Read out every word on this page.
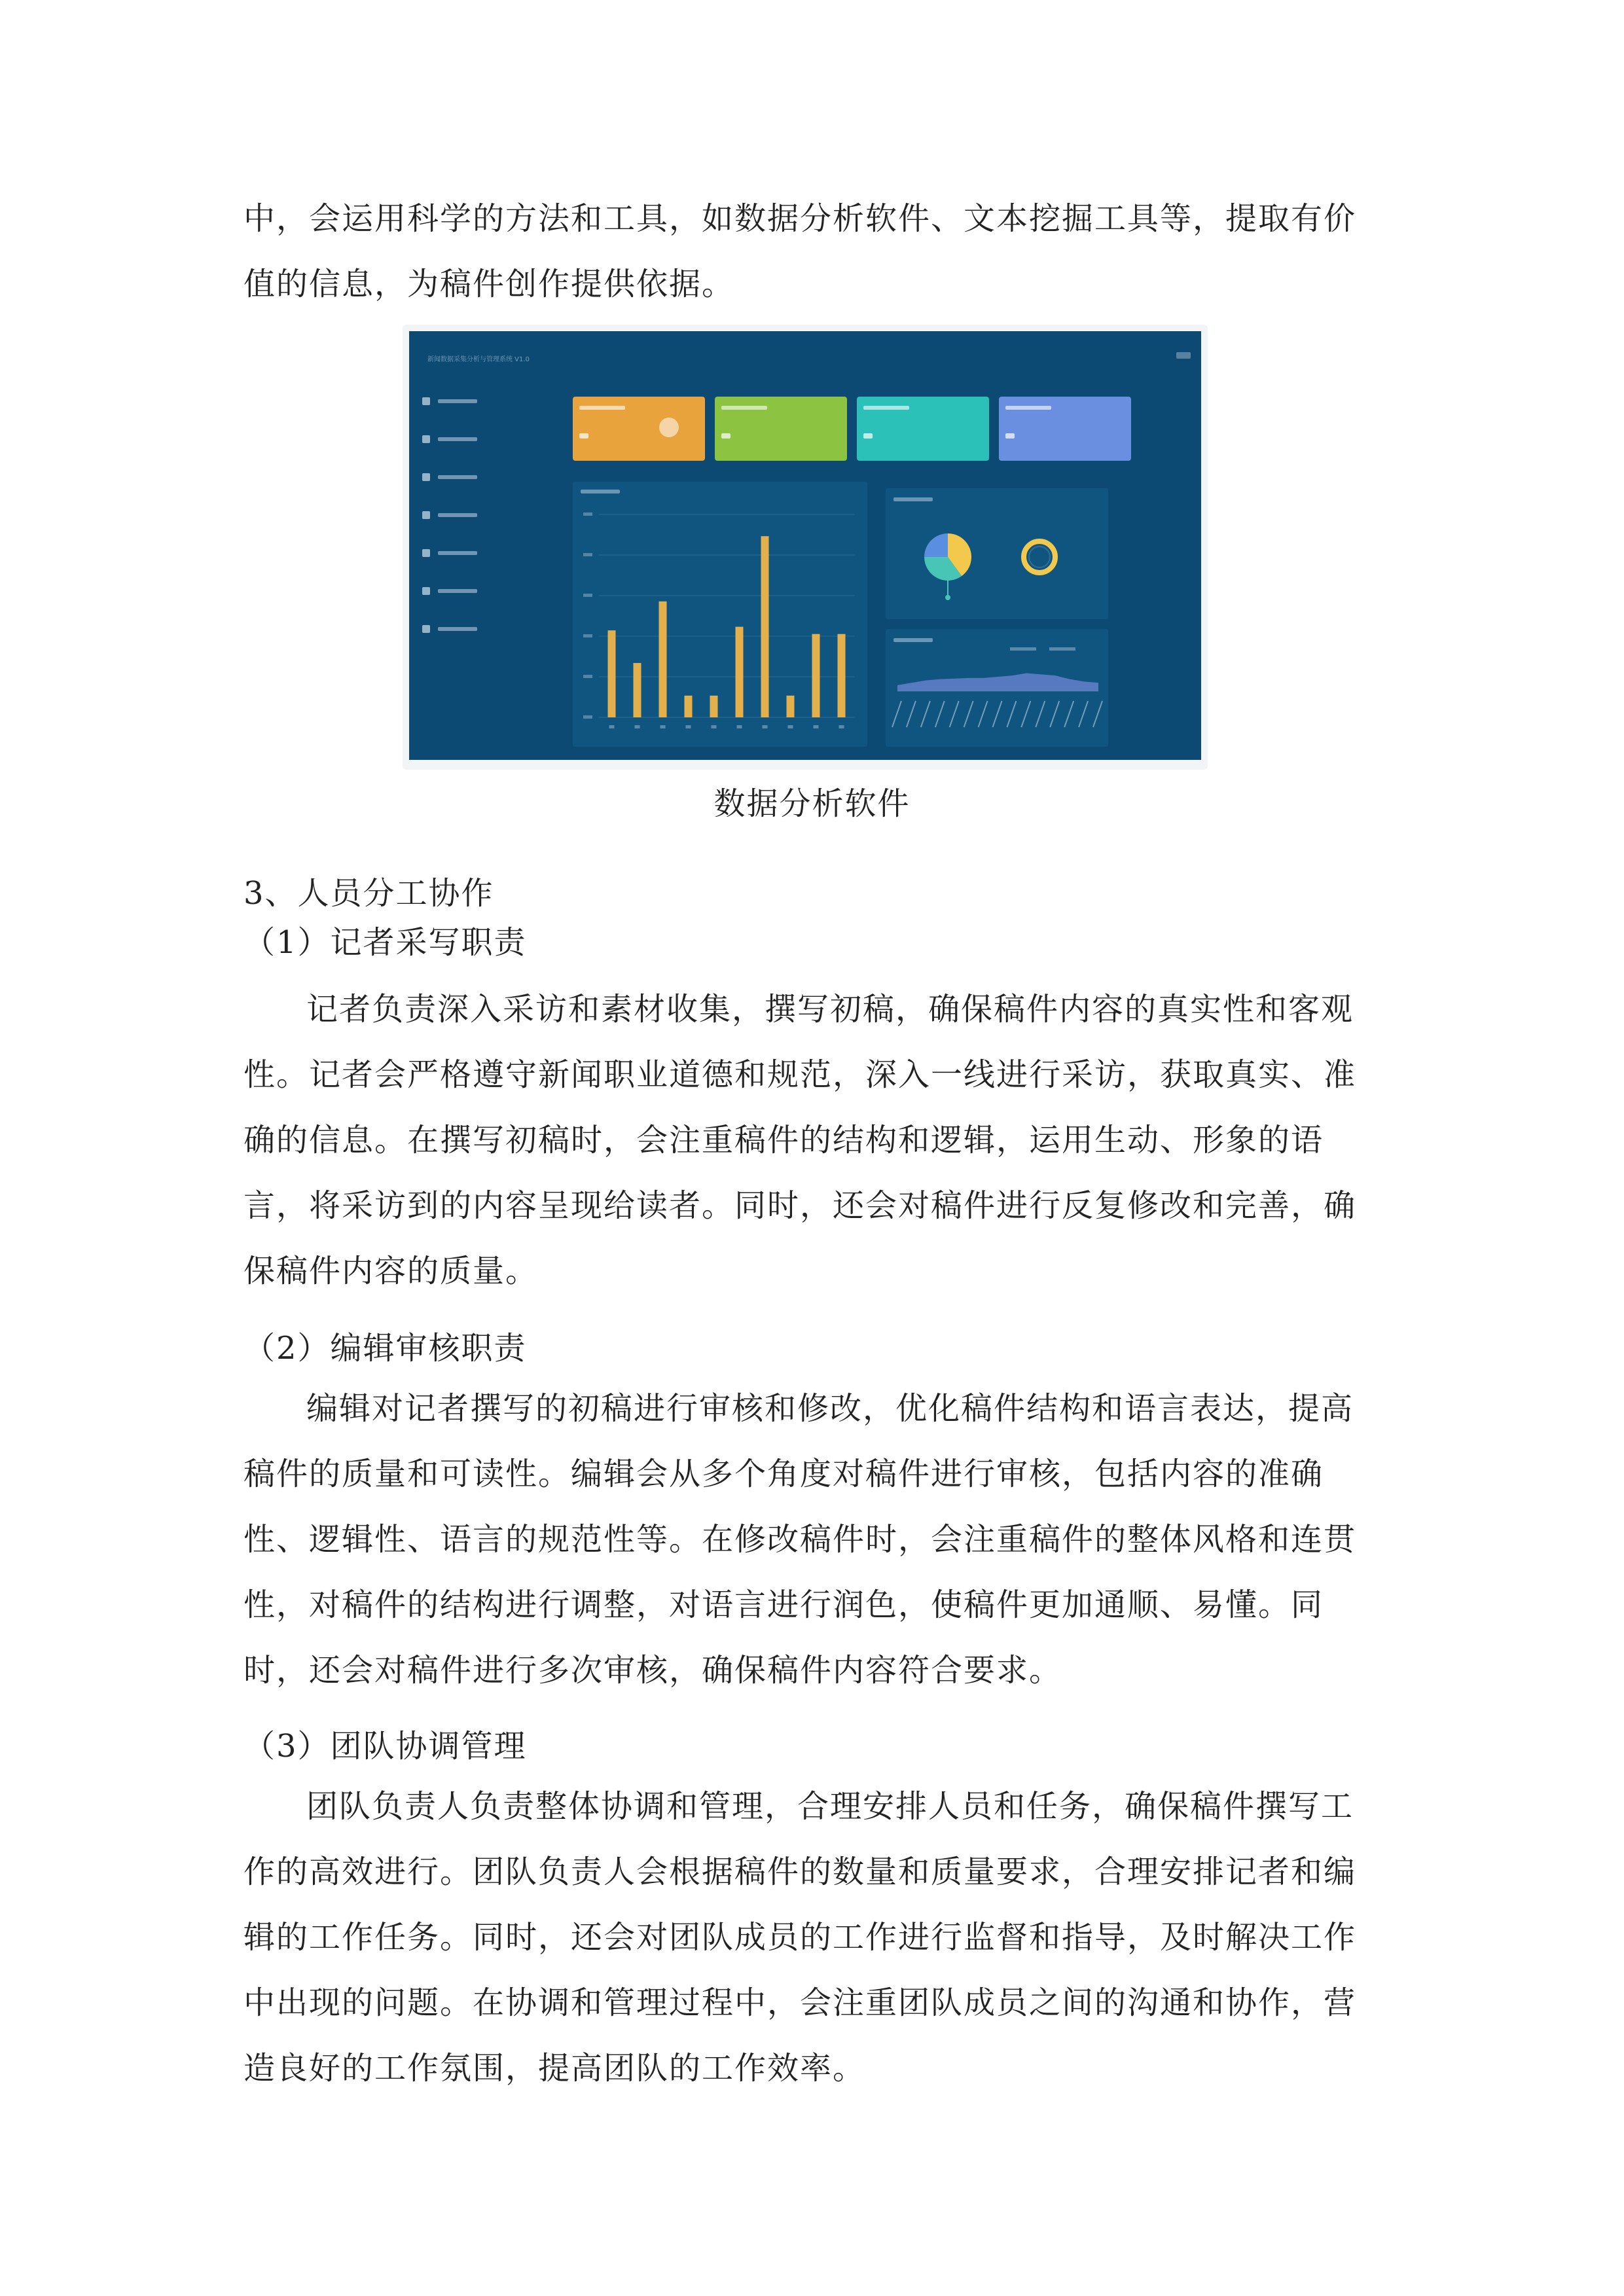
中，会运用科学的方法和工具，如数据分析软件、文本挖掘工具等，提取有价
值的信息，为稿件创作提供依据。
新闻数据采集分析与管理系统 V1.0
数据分析软件
3、人员分工协作
（1）记者采写职责
记者负责深入采访和素材收集，撰写初稿，确保稿件内容的真实性和客观
性。记者会严格遵守新闻职业道德和规范，深入一线进行采访，获取真实、准
确的信息。在撰写初稿时，会注重稿件的结构和逻辑，运用生动、形象的语
言，将采访到的内容呈现给读者。同时，还会对稿件进行反复修改和完善，确
保稿件内容的质量。
（2）编辑审核职责
编辑对记者撰写的初稿进行审核和修改，优化稿件结构和语言表达，提高
稿件的质量和可读性。编辑会从多个角度对稿件进行审核，包括内容的准确
性、逻辑性、语言的规范性等。在修改稿件时，会注重稿件的整体风格和连贯
性，对稿件的结构进行调整，对语言进行润色，使稿件更加通顺、易懂。同
时，还会对稿件进行多次审核，确保稿件内容符合要求。
（3）团队协调管理
团队负责人负责整体协调和管理，合理安排人员和任务，确保稿件撰写工
作的高效进行。团队负责人会根据稿件的数量和质量要求，合理安排记者和编
辑的工作任务。同时，还会对团队成员的工作进行监督和指导，及时解决工作
中出现的问题。在协调和管理过程中，会注重团队成员之间的沟通和协作，营
造良好的工作氛围，提高团队的工作效率。
